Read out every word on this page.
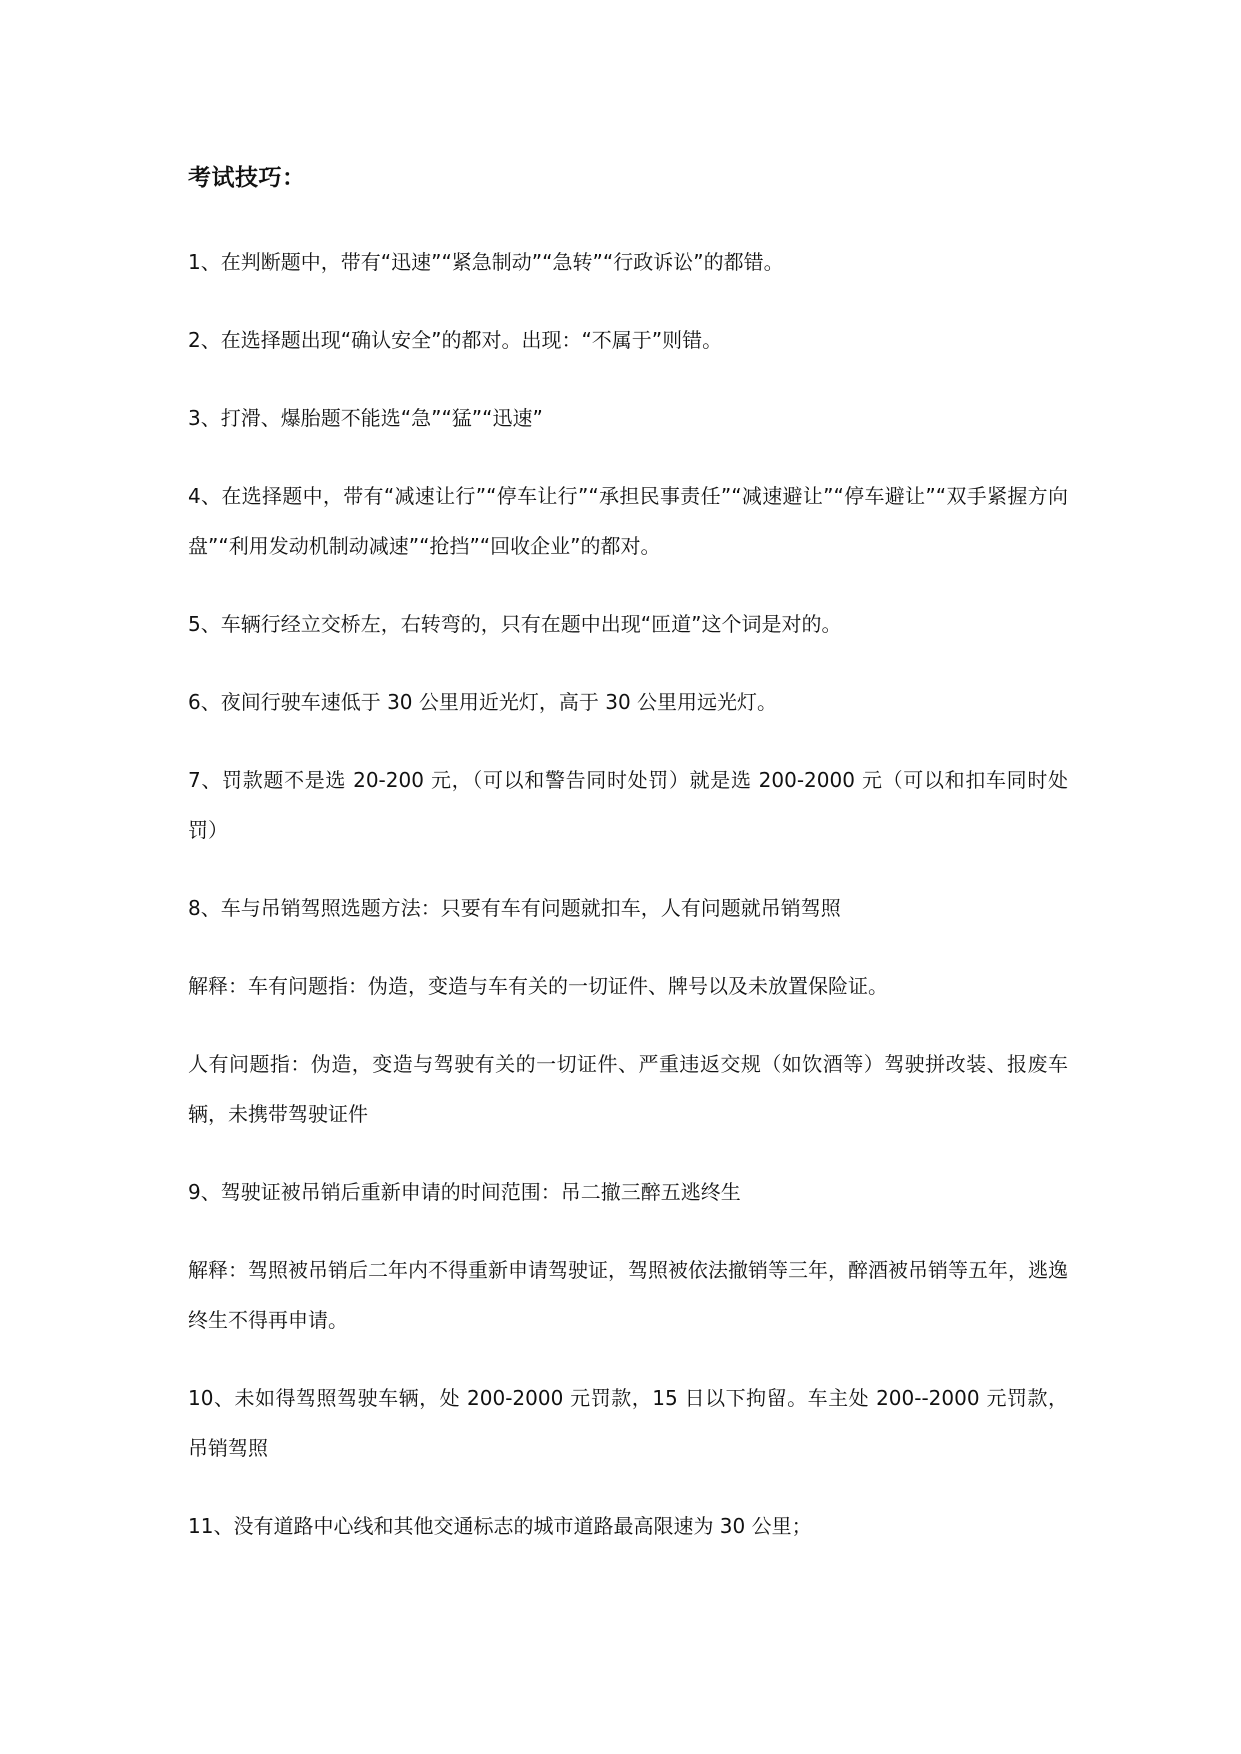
考试技巧：

1、在判断题中，带有“迅速”“紧急制动”“急转”“行政诉讼”的都错。

2、在选择题出现“确认安全”的都对。出现：“不属于”则错。

3、打滑、爆胎题不能选“急”“猛”“迅速”

4、在选择题中，带有“减速让行”“停车让行”“承担民事责任”“减速避让”“停车避让”“双手紧握方向盘”“利用发动机制动减速”“抢挡”“回收企业”的都对。

5、车辆行经立交桥左，右转弯的，只有在题中出现“匝道”这个词是对的。

6、夜间行驶车速低于 30 公里用近光灯，高于 30 公里用远光灯。

7、罚款题不是选 20-200 元，（可以和警告同时处罚）就是选 200-2000 元（可以和扣车同时处罚）

8、车与吊销驾照选题方法：只要有车有问题就扣车，人有问题就吊销驾照

解释：车有问题指：伪造，变造与车有关的一切证件、牌号以及未放置保险证。

人有问题指：伪造，变造与驾驶有关的一切证件、严重违返交规（如饮酒等）驾驶拼改装、报废车辆，未携带驾驶证件

9、驾驶证被吊销后重新申请的时间范围：吊二撤三醉五逃终生

解释：驾照被吊销后二年内不得重新申请驾驶证，驾照被依法撤销等三年，醉酒被吊销等五年，逃逸终生不得再申请。

10、未如得驾照驾驶车辆，处 200-2000 元罚款，15 日以下拘留。车主处 200--2000 元罚款，吊销驾照

11、没有道路中心线和其他交通标志的城市道路最高限速为 30 公里；
